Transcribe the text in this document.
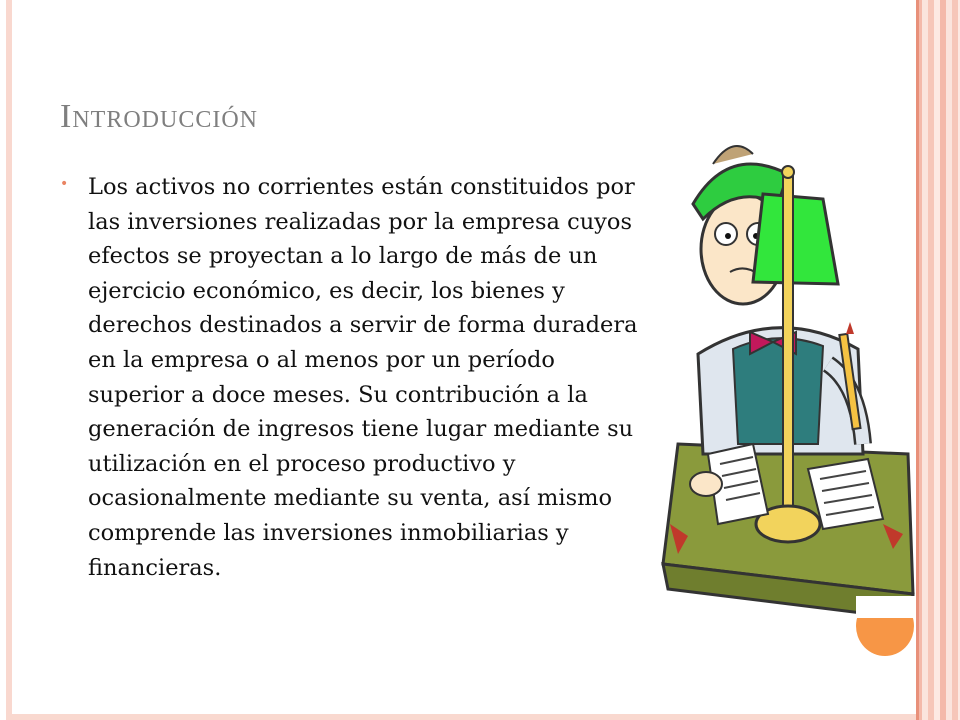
Introducción
• Los activos no corrientes están constituidos por las inversiones realizadas por la empresa cuyos efectos se proyectan a lo largo de más de un ejercicio económico, es decir, los bienes y derechos destinados a servir de forma duradera en la empresa o al menos por un período superior a doce meses. Su contribución a la generación de ingresos tiene lugar mediante su utilización en el proceso productivo y ocasionalmente mediante su venta, así mismo comprende las inversiones inmobiliarias y financieras.
